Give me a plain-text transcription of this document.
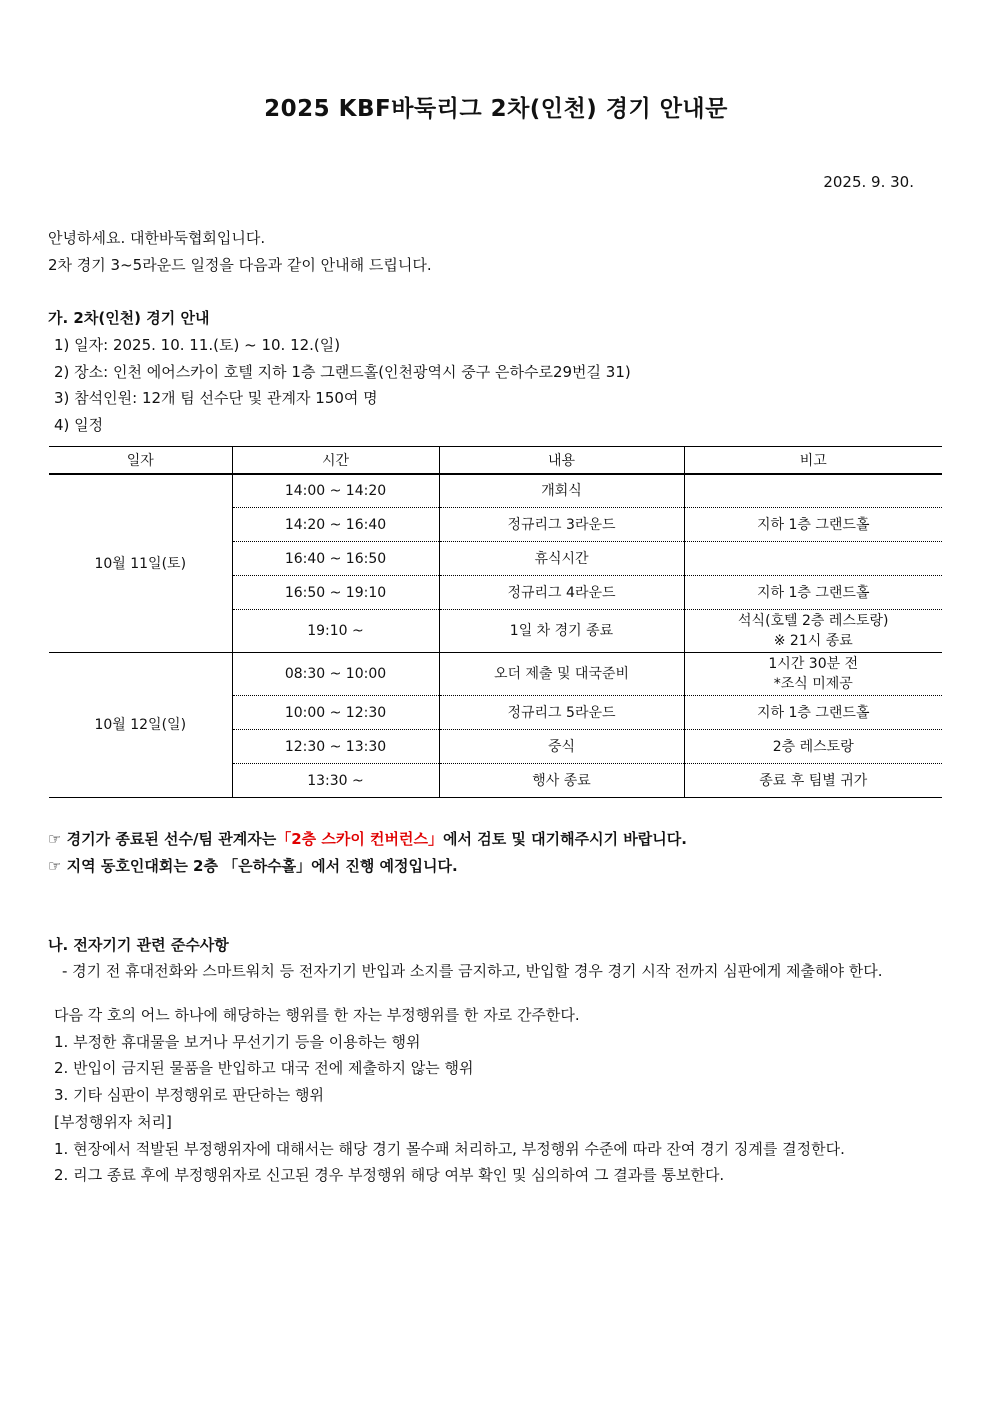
2025 KBF바둑리그 2차(인천) 경기 안내문
2025. 9. 30.
안녕하세요. 대한바둑협회입니다.
2차 경기 3~5라운드 일정을 다음과 같이 안내해 드립니다.
가. 2차(인천) 경기 안내
1) 일자: 2025. 10. 11.(토) ~ 10. 12.(일)
2) 장소: 인천 에어스카이 호텔 지하 1층 그랜드홀(인천광역시 중구 은하수로29번길 31)
3) 참석인원: 12개 팀 선수단 및 관계자 150여 명
4) 일정
일자	시간	내용	비고
10월 11일(토)	14:00 ~ 14:20	개회식	
	14:20 ~ 16:40	정규리그 3라운드	지하 1층 그랜드홀
	16:40 ~ 16:50	휴식시간	
	16:50 ~ 19:10	정규리그 4라운드	지하 1층 그랜드홀
	19:10 ~	1일 차 경기 종료	석식(호텔 2층 레스토랑)
※ 21시 종료

10월 12일(일)	08:30 ~ 10:00	오더 제출 및 대국준비	1시간 30분 전
*조식 미제공

	10:00 ~ 12:30	정규리그 5라운드	지하 1층 그랜드홀
	12:30 ~ 13:30	중식	2층 레스토랑
	13:30 ~	행사 종료	종료 후 팀별 귀가
☞ 경기가 종료된 선수/팀 관계자는「2층 스카이 컨버런스」에서 검토 및 대기해주시기 바랍니다.
☞ 지역 동호인대회는 2층 「은하수홀」에서 진행 예정입니다.
나. 전자기기 관련 준수사항
- 경기 전 휴대전화와 스마트워치 등 전자기기 반입과 소지를 금지하고, 반입할 경우 경기 시작 전까지 심판에게 제출해야 한다.
다음 각 호의 어느 하나에 해당하는 행위를 한 자는 부정행위를 한 자로 간주한다.
1. 부정한 휴대물을 보거나 무선기기 등을 이용하는 행위
2. 반입이 금지된 물품을 반입하고 대국 전에 제출하지 않는 행위
3. 기타 심판이 부정행위로 판단하는 행위
[부정행위자 처리]
1. 현장에서 적발된 부정행위자에 대해서는 해당 경기 몰수패 처리하고, 부정행위 수준에 따라 잔여 경기 징계를 결정한다.
2. 리그 종료 후에 부정행위자로 신고된 경우 부정행위 해당 여부 확인 및 심의하여 그 결과를 통보한다.
